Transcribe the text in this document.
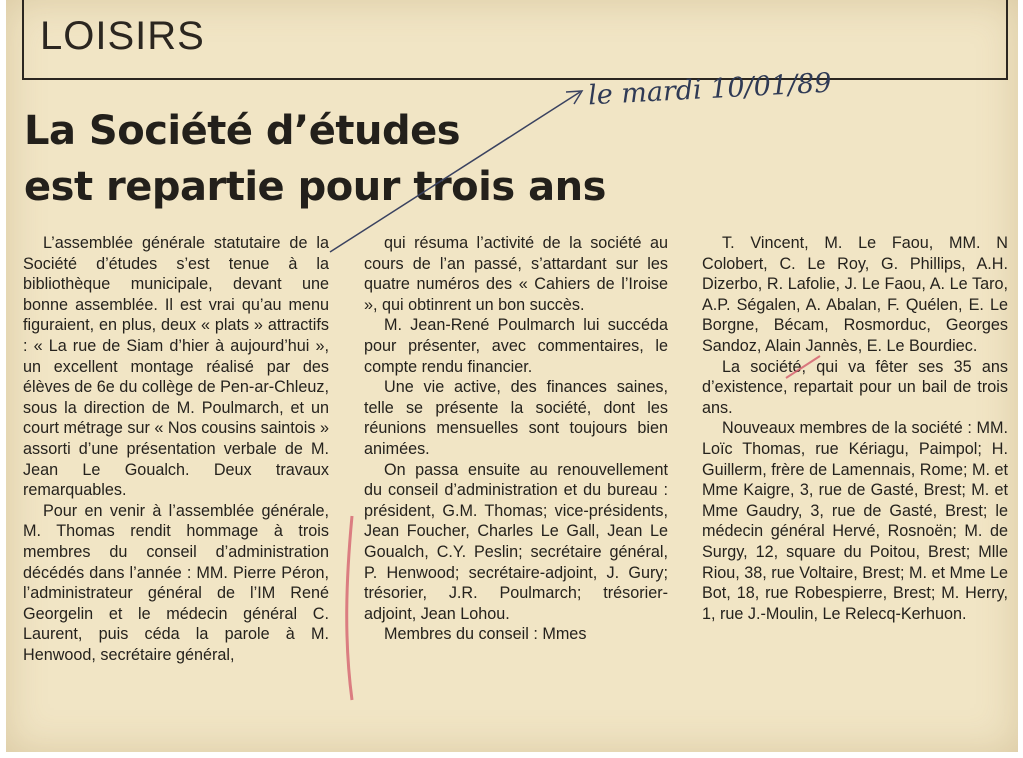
LOISIRS
La Société d’études
est repartie pour trois ans

L’assemblée générale statutaire de la Société d’études s’est tenue à la bibliothèque municipale, devant une bonne assemblée. Il est vrai qu’au menu figuraient, en plus, deux « plats » attractifs : « La rue de Siam d’hier à aujourd’hui », un excellent montage réalisé par des élèves de 6e du collège de Pen-ar-Chleuz, sous la direction de M. Poulmarch, et un court métrage sur « Nos cousins saintois » assorti d’une présentation verbale de M. Jean Le Goualch. Deux travaux remarquables.

Pour en venir à l’assemblée générale, M. Thomas rendit hommage à trois membres du conseil d’administration décédés dans l’année : MM. Pierre Péron, l’administrateur général de l’IM René Georgelin et le médecin général C. Laurent, puis céda la parole à M. Henwood, secrétaire général,

qui résuma l’activité de la société au cours de l’an passé, s’attardant sur les quatre numéros des « Cahiers de l’Iroise », qui obtinrent un bon succès.

M. Jean-René Poulmarch lui succéda pour présenter, avec commentaires, le compte rendu financier.

Une vie active, des finances saines, telle se présente la société, dont les réunions mensuelles sont toujours bien animées.

On passa ensuite au renouvellement du conseil d’administration et du bureau : président, G.M. Thomas; vice-présidents, Jean Foucher, Charles Le Gall, Jean Le Goualch, C.Y. Peslin; secrétaire général, P. Henwood; secrétaire-adjoint, J. Gury; trésorier, J.R. Poulmarch; trésorier-adjoint, Jean Lohou.

Membres du conseil : Mmes

T. Vincent, M. Le Faou, MM. N Colobert, C. Le Roy, G. Phillips, A.H. Dizerbo, R. Lafolie, J. Le Faou, A. Le Taro, A.P. Ségalen, A. Abalan, F. Quélen, E. Le Borgne, Bécam, Rosmorduc, Georges Sandoz, Alain Jannès, E. Le Bourdiec.

La société, qui va fêter ses 35 ans d’existence, repartait pour un bail de trois ans.

Nouveaux membres de la société : MM. Loïc Thomas, rue Kériagu, Paimpol; H. Guillerm, frère de Lamennais, Rome; M. et Mme Kaigre, 3, rue de Gasté, Brest; M. et Mme Gaudry, 3, rue de Gasté, Brest; le médecin général Hervé, Rosnoën; M. de Surgy, 12, square du Poitou, Brest; Mlle Riou, 38, rue Voltaire, Brest; M. et Mme Le Bot, 18, rue Robespierre, Brest; M. Herry, 1, rue J.-Moulin, Le Relecq-Kerhuon.

le mardi 10/01/89
